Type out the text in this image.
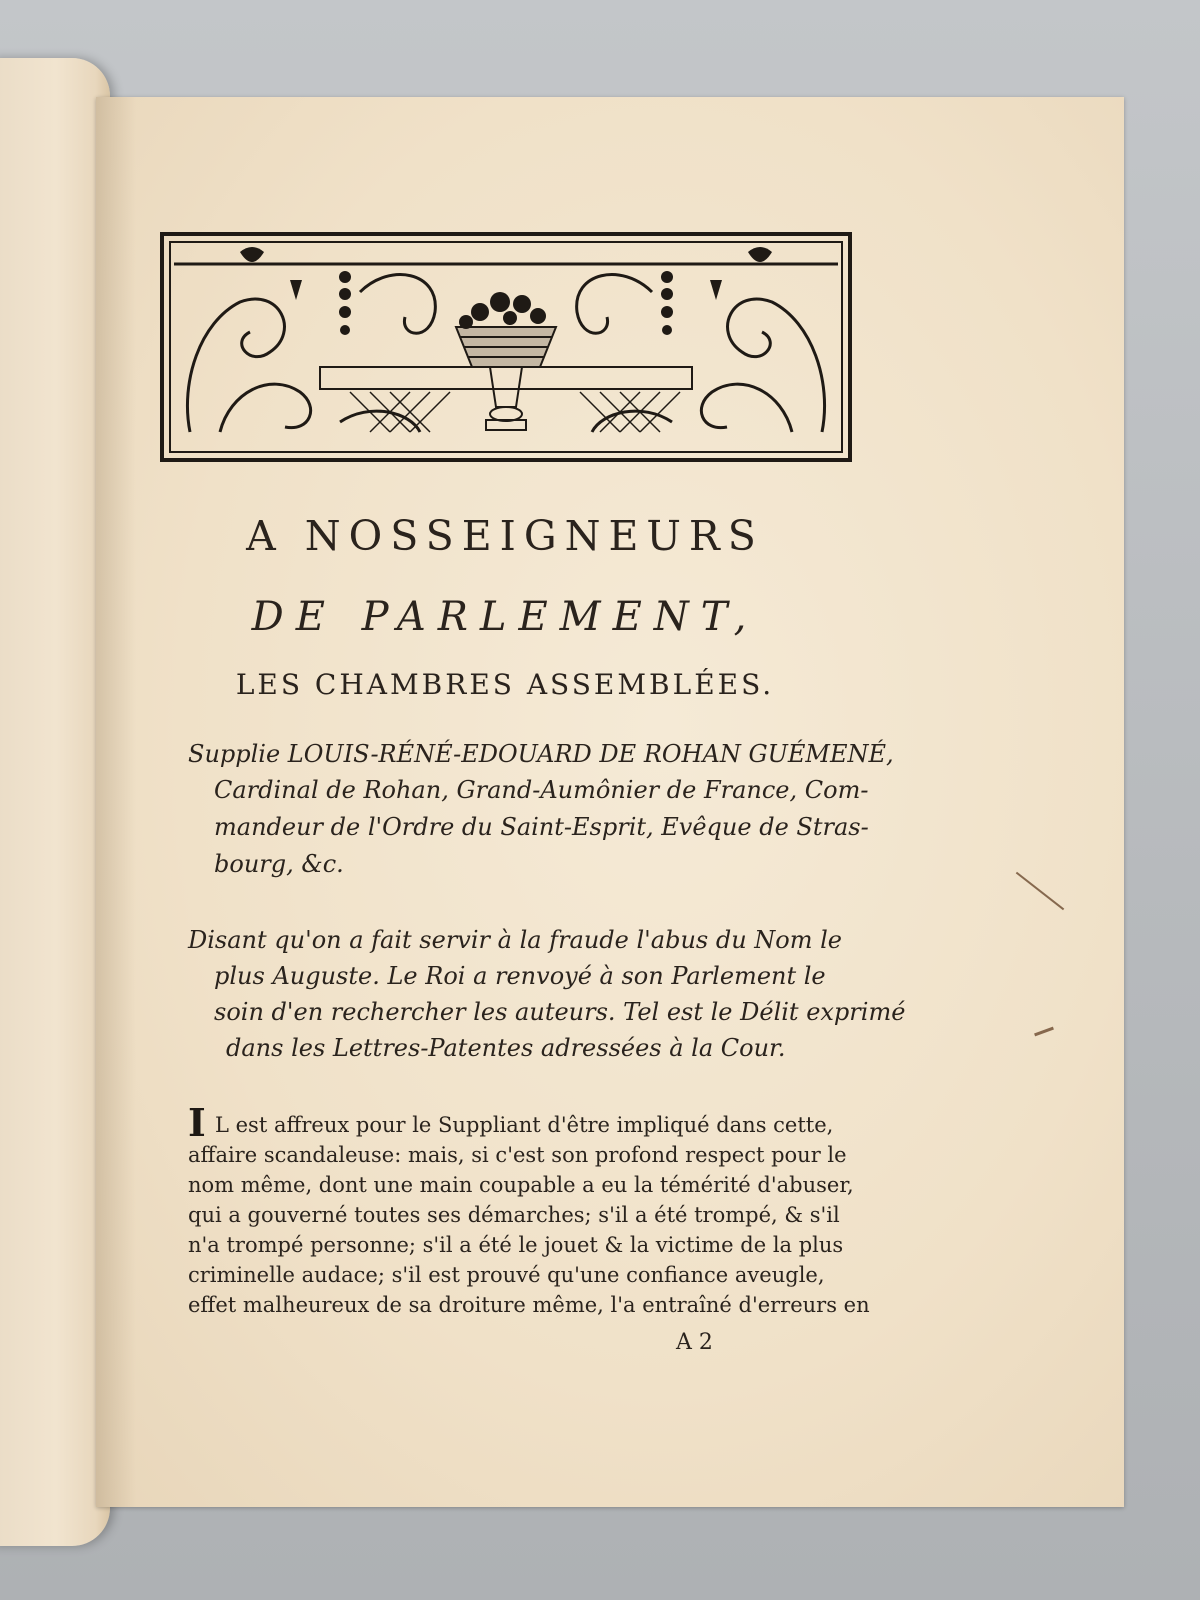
A NOSSEIGNEURS
DE PARLEMENT,
LES CHAMBRES ASSEMBLÉES.
Supplie LOUIS-RÉNÉ-EDOUARD DE ROHAN GUÉMENÉ,
Cardinal de Rohan, Grand-Aumônier de France, Com-
mandeur de l'Ordre du Saint-Esprit, Evêque de Stras-
bourg, &c.
Disant qu'on a fait servir à la fraude l'abus du Nom le
plus Auguste. Le Roi a renvoyé à son Parlement le
soin d'en rechercher les auteurs. Tel est le Délit exprimé
dans les Lettres-Patentes adressées à la Cour.
I L est affreux pour le Suppliant d'être impliqué dans cette,
affaire scandaleuse: mais, si c'est son profond respect pour le
nom même, dont une main coupable a eu la témérité d'abuser,
qui a gouverné toutes ses démarches; s'il a été trompé, & s'il
n'a trompé personne; s'il a été le jouet & la victime de la plus
criminelle audace; s'il est prouvé qu'une confiance aveugle,
effet malheureux de sa droiture même, l'a entraîné d'erreurs en
A 2
